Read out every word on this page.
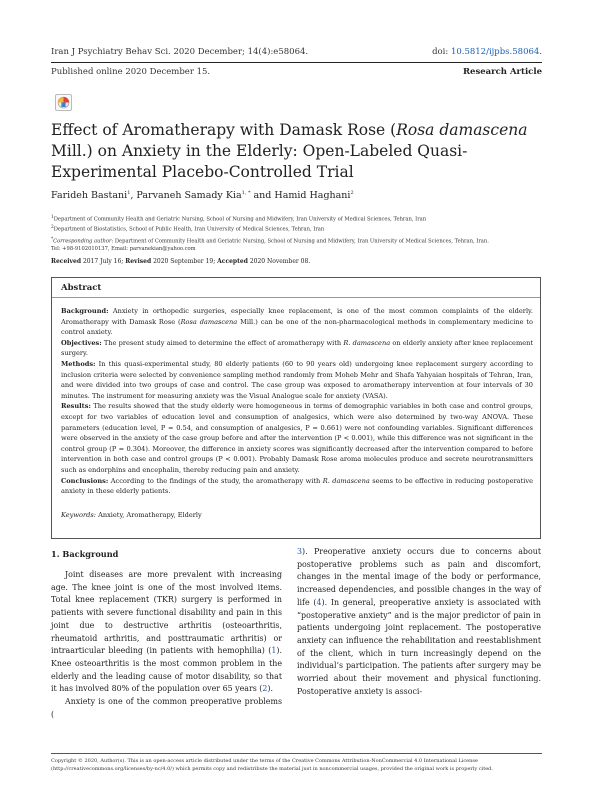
Iran J Psychiatry Behav Sci. 2020 December; 14(4):e58064.	doi: 10.5812/ijpbs.58064.
Published online 2020 December 15.	Research Article
Effect of Aromatherapy with Damask Rose (Rosa damascena Mill.) on Anxiety in the Elderly: Open-Labeled Quasi-Experimental Placebo-Controlled Trial
Farideh Bastani$^1$, Parvaneh Samady Kia$^{1, *}$ and Hamid Haghani$^2$
$^1$Department of Community Health and Geriatric Nursing, School of Nursing and Midwifery, Iran University of Medical Sciences, Tehran, Iran
$^2$Department of Biostatistics, School of Public Health, Iran University of Medical Sciences, Tehran, Iran
*Corresponding author: Department of Community Health and Geriatric Nursing, School of Nursing and Midwifery, Iran University of Medical Sciences, Tehran, Iran.
Tel: +98-9102010137, Email: parvanekian@yahoo.com
Received 2017 July 16; Revised 2020 September 19; Accepted 2020 November 08.
Abstract

Background: Anxiety in orthopedic surgeries, especially knee replacement, is one of the most common complaints of the elderly. Aromatherapy with Damask Rose (Rosa damascena Mill.) can be one of the non-pharmacological methods in complementary medicine to control anxiety.

Objectives: The present study aimed to determine the effect of aromatherapy with R. damascena on elderly anxiety after knee replacement surgery.

Methods: In this quasi-experimental study, 80 elderly patients (60 to 90 years old) undergoing knee replacement surgery according to inclusion criteria were selected by convenience sampling method randomly from Moheb Mehr and Shafa Yahyaian hospitals of Tehran, Iran, and were divided into two groups of case and control. The case group was exposed to aromatherapy intervention at four intervals of 30 minutes. The instrument for measuring anxiety was the Visual Analogue scale for anxiety (VASA).

Results: The results showed that the study elderly were homogeneous in terms of demographic variables in both case and control groups, except for two variables of education level and consumption of analgesics, which were also determined by two-way ANOVA. These parameters (education level, P = 0.54, and consumption of analgesics, P = 0.661) were not confounding variables. Significant differences were observed in the anxiety of the case group before and after the intervention (P < 0.001), while this difference was not significant in the control group (P = 0.304). Moreover, the difference in anxiety scores was significantly decreased after the intervention compared to before intervention in both case and control groups (P < 0.001). Probably Damask Rose aroma molecules produce and secrete neurotransmitters such as endorphins and encephalin, thereby reducing pain and anxiety.

Conclusions: According to the findings of the study, the aromatherapy with R. damascena seems to be effective in reducing postoperative anxiety in these elderly patients.

Keywords: Anxiety, Aromatherapy, Elderly
1. Background

Joint diseases are more prevalent with increasing age. The knee joint is one of the most involved items. Total knee replacement (TKR) surgery is performed in patients with severe functional disability and pain in this joint due to destructive arthritis (osteoarthritis, rheumatoid arthritis, and posttraumatic arthritis) or intraarticular bleeding (in patients with hemophilia) (1). Knee osteoarthritis is the most common problem in the elderly and the leading cause of motor disability, so that it has involved 80% of the population over 65 years (2).

Anxiety is one of the common preoperative problems (

3). Preoperative anxiety occurs due to concerns about postoperative problems such as pain and discomfort, changes in the mental image of the body or performance, increased dependencies, and possible changes in the way of life (4). In general, preoperative anxiety is associated with “postoperative anxiety” and is the major predictor of pain in patients undergoing joint replacement. The postoperative anxiety can influence the rehabilitation and reestablishment of the client, which in turn increasingly depend on the individual’s participation. The patients after surgery may be worried about their movement and physical functioning. Postoperative anxiety is associ-

Copyright © 2020, Author(s). This is an open-access article distributed under the terms of the Creative Commons Attribution-NonCommercial 4.0 International License (http://creativecommons.org/licenses/by-nc/4.0/) which permits copy and redistribute the material just in noncommercial usages, provided the original work is properly cited.
